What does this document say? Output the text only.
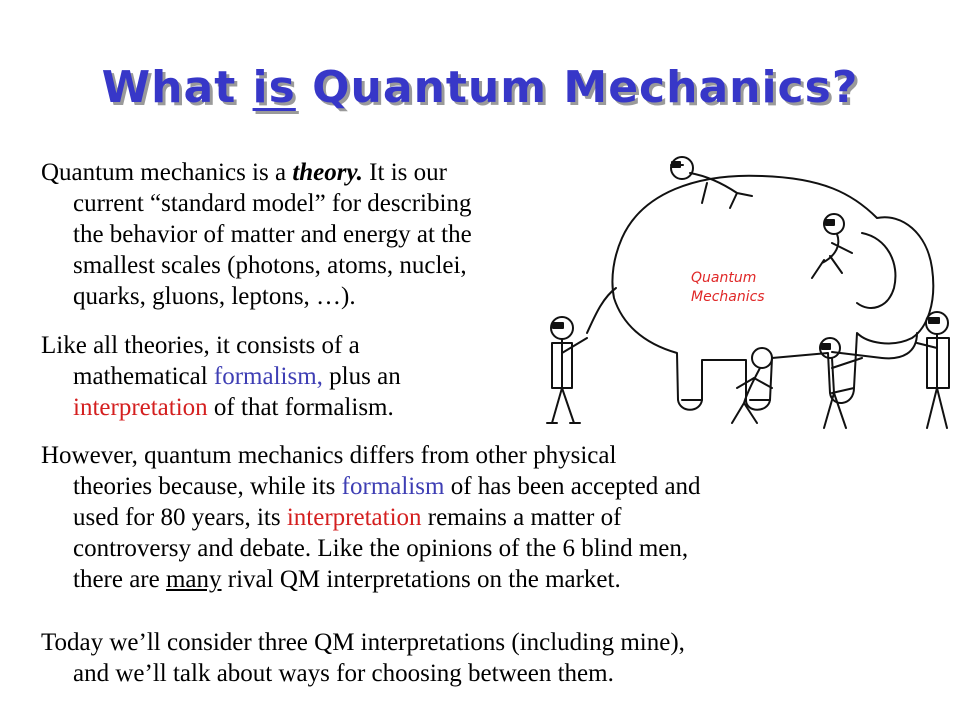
What is Quantum Mechanics?
Quantum mechanics is a theory. It is our
current “standard model” for describing
the behavior of matter and energy at the
smallest scales (photons, atoms, nuclei,
quarks, gluons, leptons, …).
Like all theories, it consists of a
mathematical formalism, plus an
interpretation of that formalism.
However, quantum mechanics differs from other physical
theories because, while its formalism of has been accepted and
used for 80 years, its interpretation remains a matter of
controversy and debate. Like the opinions of the 6 blind men,
there are many rival QM interpretations on the market.
Today we’ll consider three QM interpretations (including mine),
and we’ll talk about ways for choosing between them.
Quantum
Mechanics
